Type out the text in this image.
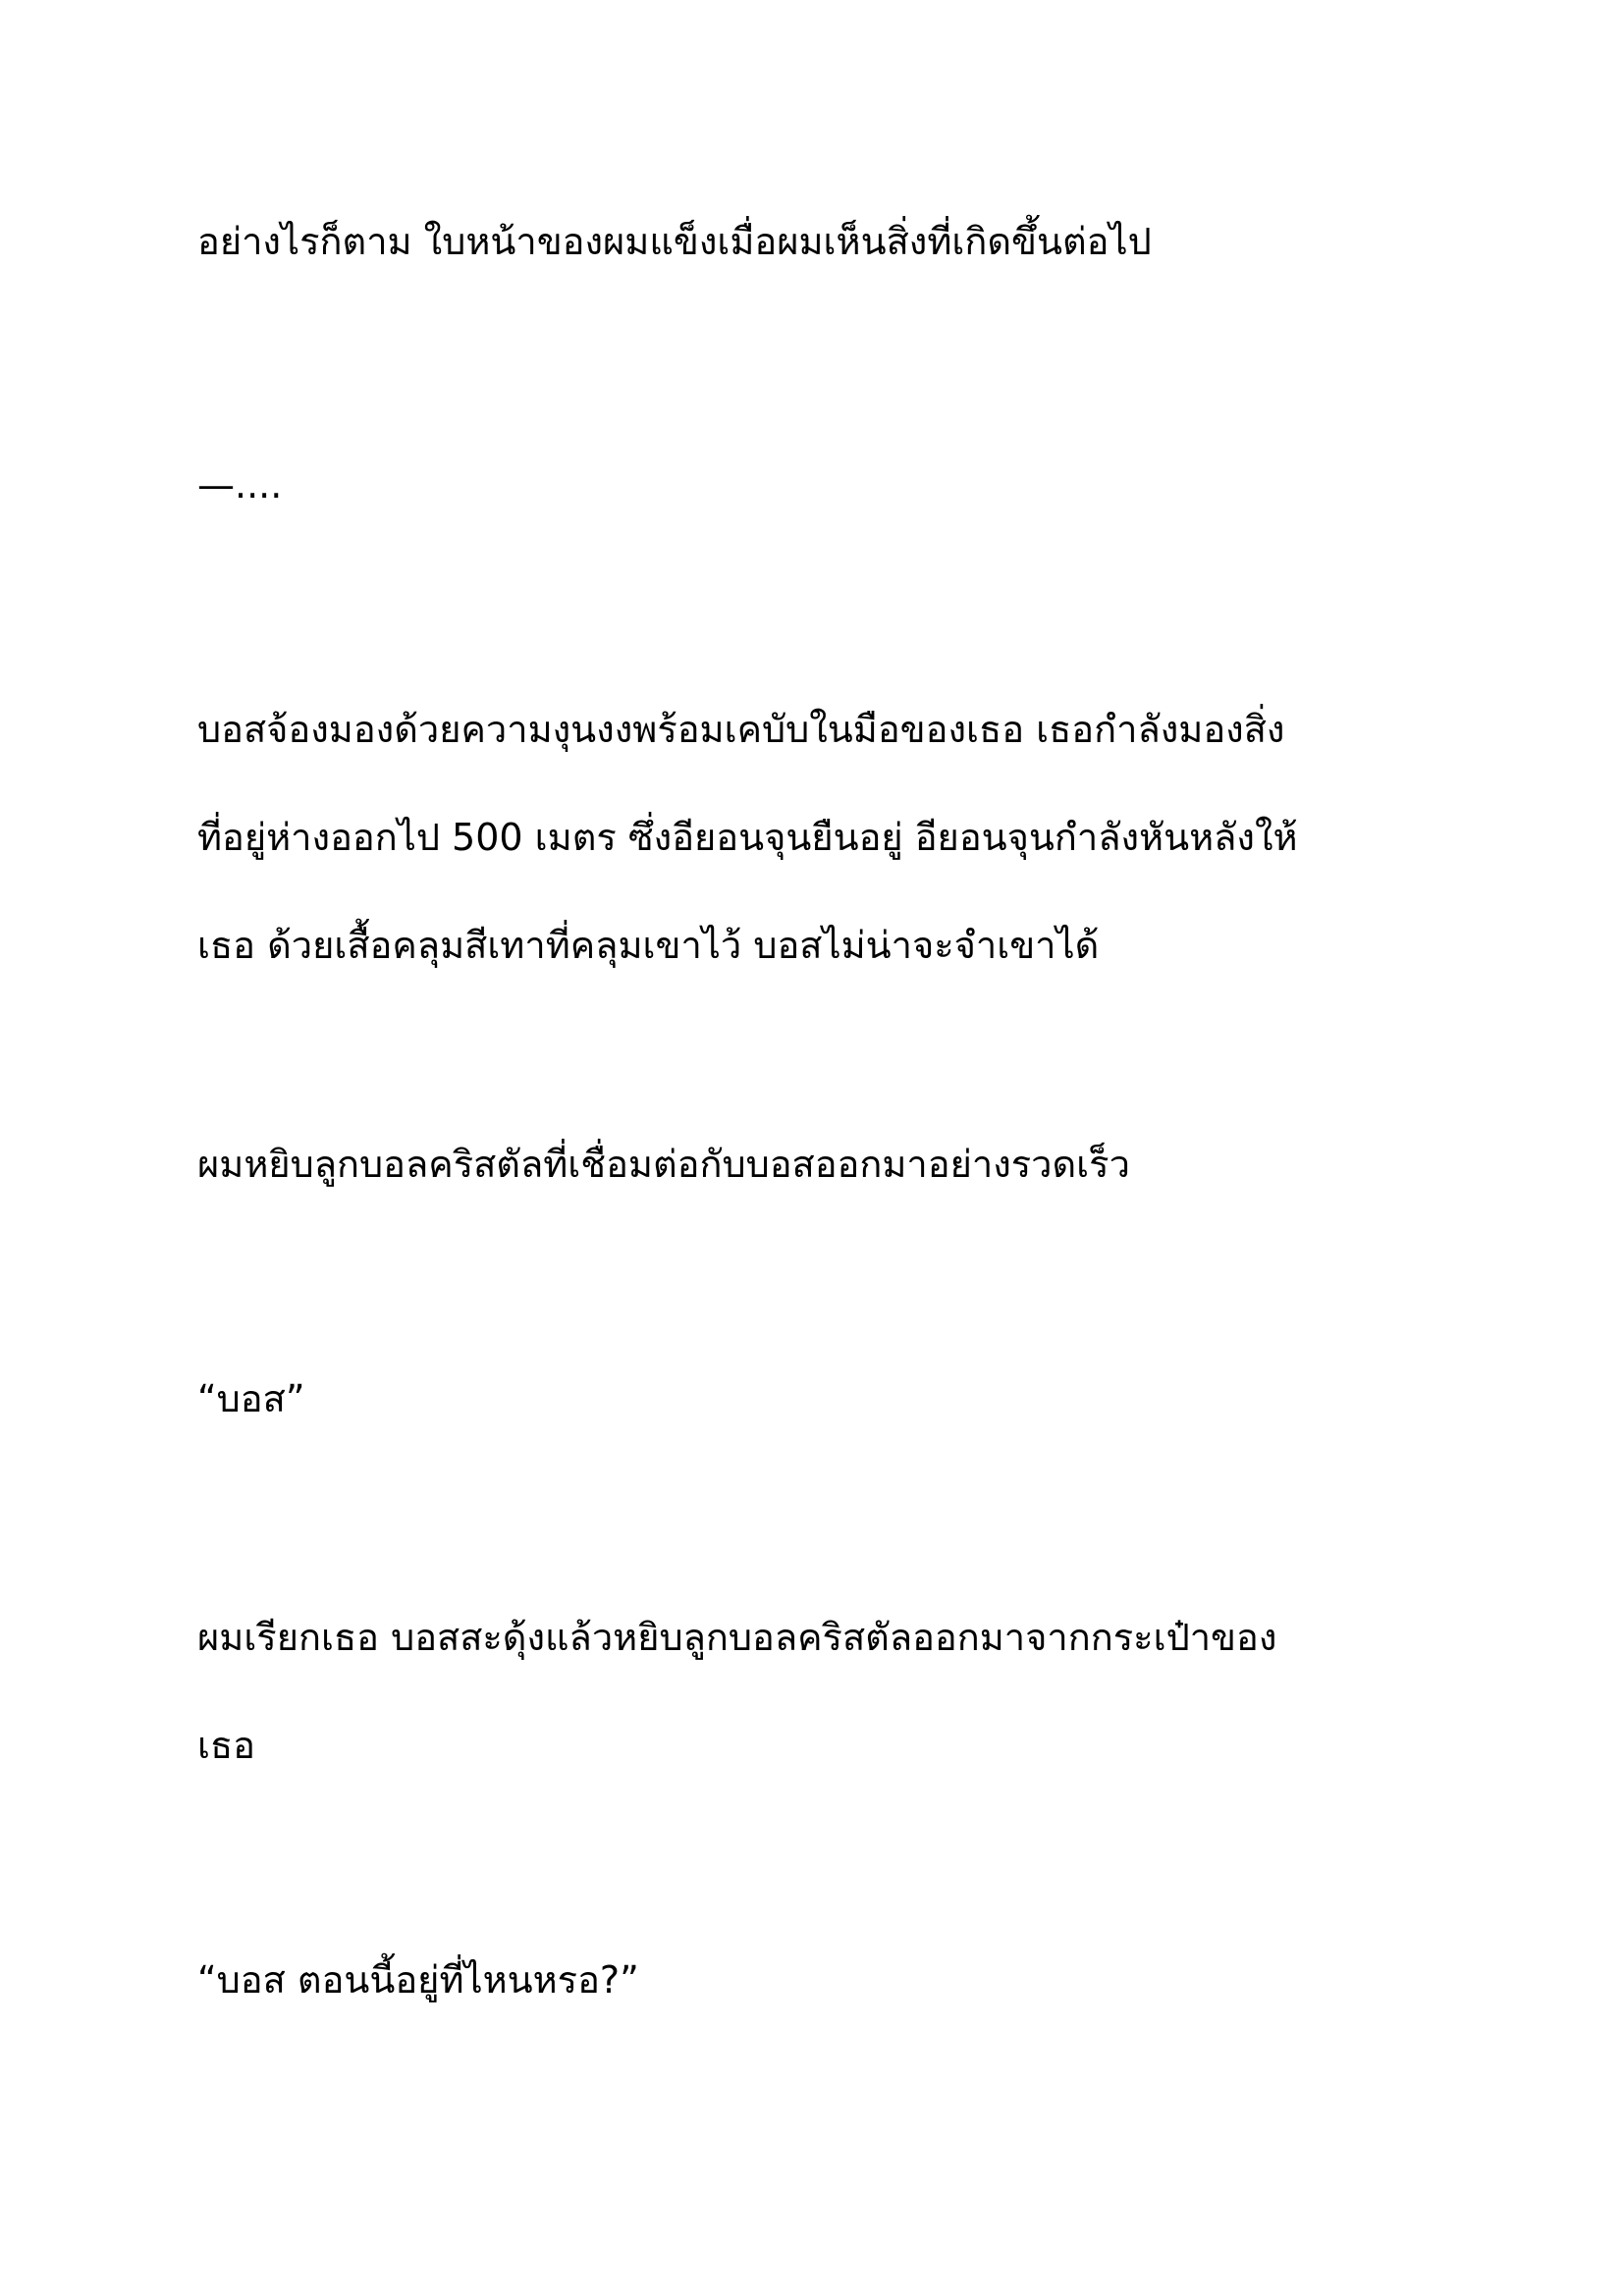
อย่างไรก็ตาม ใบหน้าของผมแข็งเมื่อผมเห็นสิ่งที่เกิดขึ้นต่อไป

—....

บอสจ้องมองด้วยความงุนงงพร้อมเคบับในมือของเธอ เธอกำลังมองสิ่ง
ที่อยู่ห่างออกไป 500 เมตร ซึ่งอียอนจุนยืนอยู่ อียอนจุนกำลังหันหลังให้
เธอ ด้วยเสื้อคลุมสีเทาที่คลุมเขาไว้ บอสไม่น่าจะจำเขาได้

ผมหยิบลูกบอลคริสตัลที่เชื่อมต่อกับบอสออกมาอย่างรวดเร็ว

“บอส”

ผมเรียกเธอ บอสสะดุ้งแล้วหยิบลูกบอลคริสตัลออกมาจากกระเป๋าของ
เธอ

“บอส ตอนนี้อยู่ที่ไหนหรอ?”
